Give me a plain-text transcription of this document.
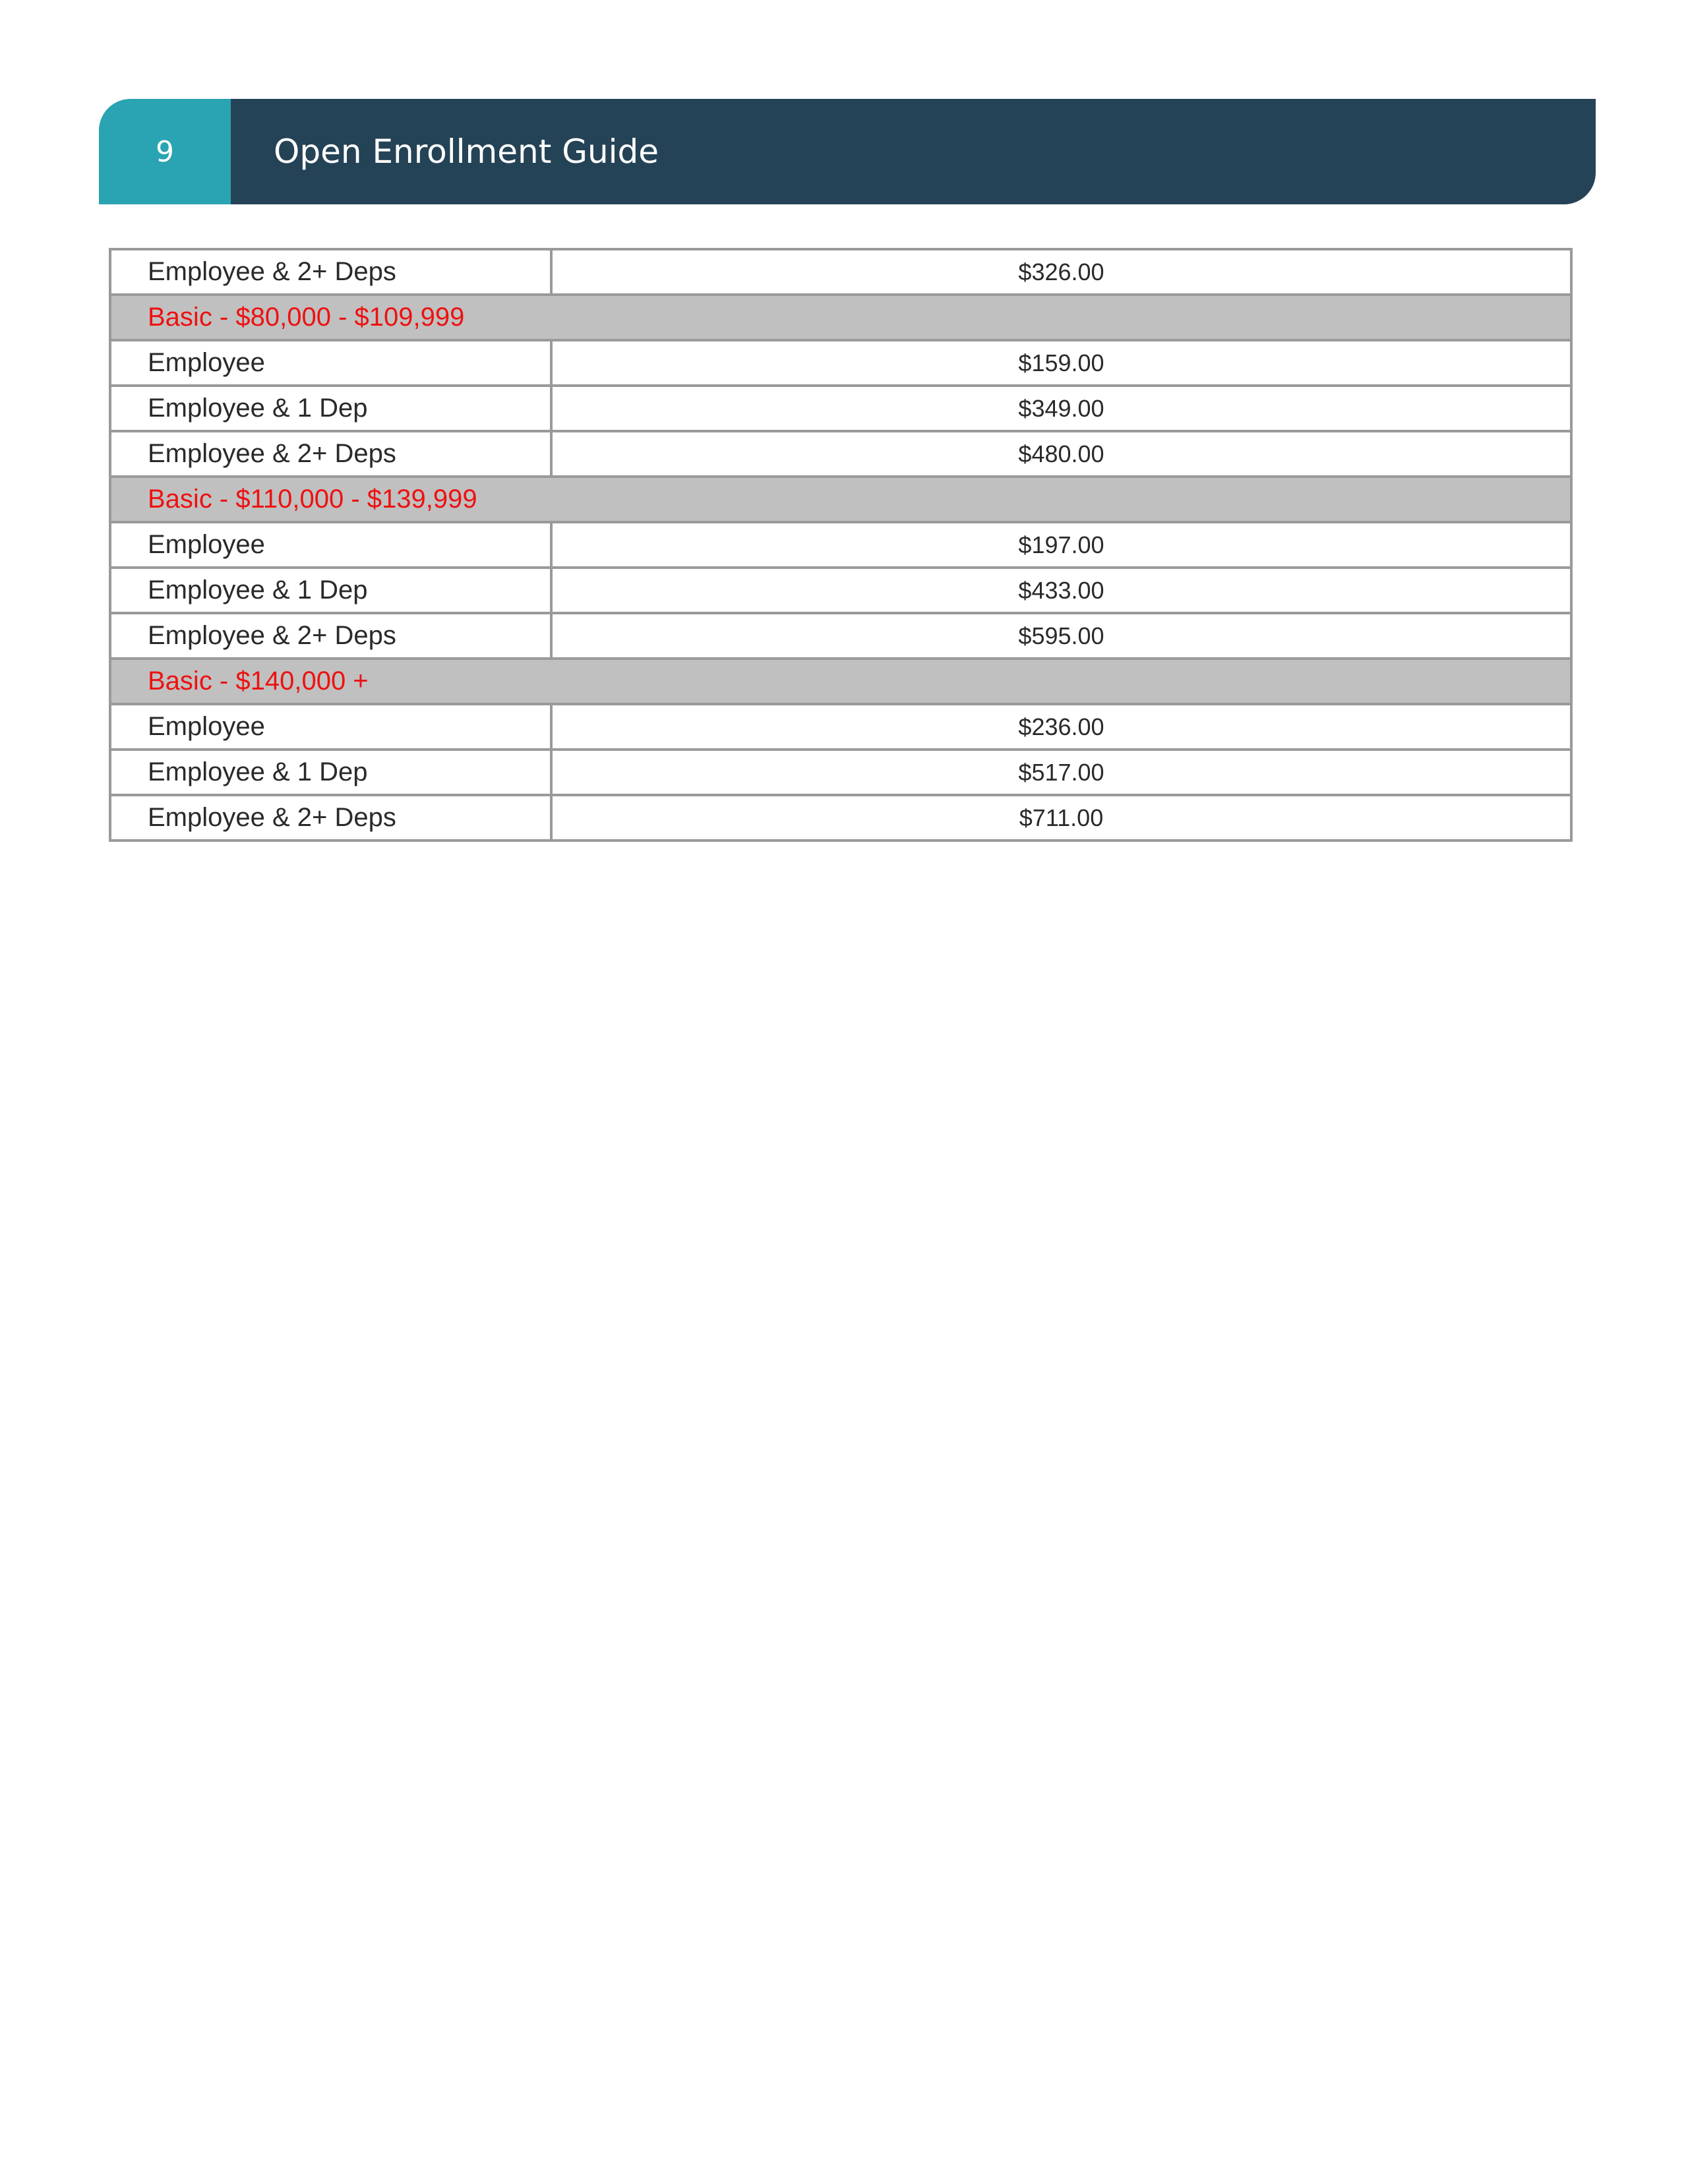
9	Open Enrollment Guide
Employee & 2+ Deps	$326.00
Basic - $80,000 - $109,999	
Employee	$159.00
Employee & 1 Dep	$349.00
Employee & 2+ Deps	$480.00
Basic - $110,000 - $139,999	
Employee	$197.00
Employee & 1 Dep	$433.00
Employee & 2+ Deps	$595.00
Basic - $140,000 +	
Employee	$236.00
Employee & 1 Dep	$517.00
Employee & 2+ Deps	$711.00
